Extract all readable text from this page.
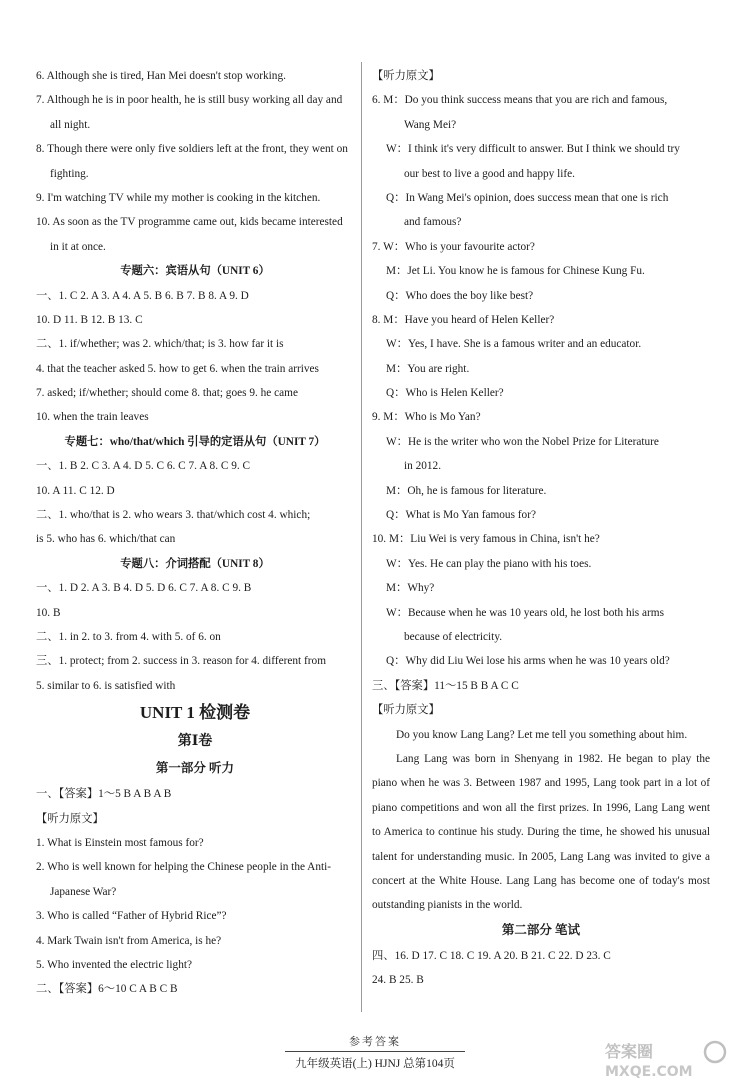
6. Although she is tired, Han Mei doesn't stop working.
7. Although he is in poor health, he is still busy working all day and
all night.
8. Though there were only five soldiers left at the front, they went on
fighting.
9. I'm watching TV while my mother is cooking in the kitchen.
10. As soon as the TV programme came out, kids became interested
in it at once.
专题六：宾语从句（UNIT 6）
一、1. C 2. A 3. A 4. A 5. B 6. B 7. B 8. A 9. D
10. D 11. B 12. B 13. C
二、1. if/whether; was 2. which/that; is 3. how far it is
4. that the teacher asked 5. how to get 6. when the train arrives
7. asked; if/whether; should come 8. that; goes 9. he came
10. when the train leaves
专题七：who/that/which 引导的定语从句（UNIT 7）
一、1. B 2. C 3. A 4. D 5. C 6. C 7. A 8. C 9. C
10. A 11. C 12. D
二、1. who/that is 2. who wears 3. that/which cost 4. which;
is 5. who has 6. which/that can
专题八：介词搭配（UNIT 8）
一、1. D 2. A 3. B 4. D 5. D 6. C 7. A 8. C 9. B
10. B
二、1. in 2. to 3. from 4. with 5. of 6. on
三、1. protect; from 2. success in 3. reason for 4. different from
5. similar to 6. is satisfied with
UNIT 1 检测卷
第Ⅰ卷
第一部分 听力
一、【答案】1～5 B A B A B
【听力原文】
1. What is Einstein most famous for?
2. Who is well known for helping the Chinese people in the Anti-
Japanese War?
3. Who is called “Father of Hybrid Rice”?
4. Mark Twain isn't from America, is he?
5. Who invented the electric light?
二、【答案】6～10 C A B C B
【听力原文】
6. M：Do you think success means that you are rich and famous,
Wang Mei?
W：I think it's very difficult to answer. But I think we should try
our best to live a good and happy life.
Q：In Wang Mei's opinion, does success mean that one is rich
and famous?
7. W：Who is your favourite actor?
M：Jet Li. You know he is famous for Chinese Kung Fu.
Q：Who does the boy like best?
8. M：Have you heard of Helen Keller?
W：Yes, I have. She is a famous writer and an educator.
M：You are right.
Q：Who is Helen Keller?
9. M：Who is Mo Yan?
W：He is the writer who won the Nobel Prize for Literature
in 2012.
M：Oh, he is famous for literature.
Q：What is Mo Yan famous for?
10. M：Liu Wei is very famous in China, isn't he?
W：Yes. He can play the piano with his toes.
M：Why?
W：Because when he was 10 years old, he lost both his arms
because of electricity.
Q：Why did Liu Wei lose his arms when he was 10 years old?
三、【答案】11～15 B B A C C
【听力原文】
Do you know Lang Lang? Let me tell you something about him.

Lang Lang was born in Shenyang in 1982. He began to play the piano when he was 3. Between 1987 and 1995, Lang took part in a lot of piano competitions and won all the first prizes. In 1996, Lang Lang went to America to continue his study. During the time, he showed his unusual talent for understanding music. In 2005, Lang Lang was invited to give a concert at the White House. Lang Lang has become one of today's most outstanding pianists in the world.

第二部分 笔试
四、16. D 17. C 18. C 19. A 20. B 21. C 22. D 23. C
24. B 25. B
参考答案
九年级英语(上) HJNJ 总第104页
答案圈
MXQE.COM
